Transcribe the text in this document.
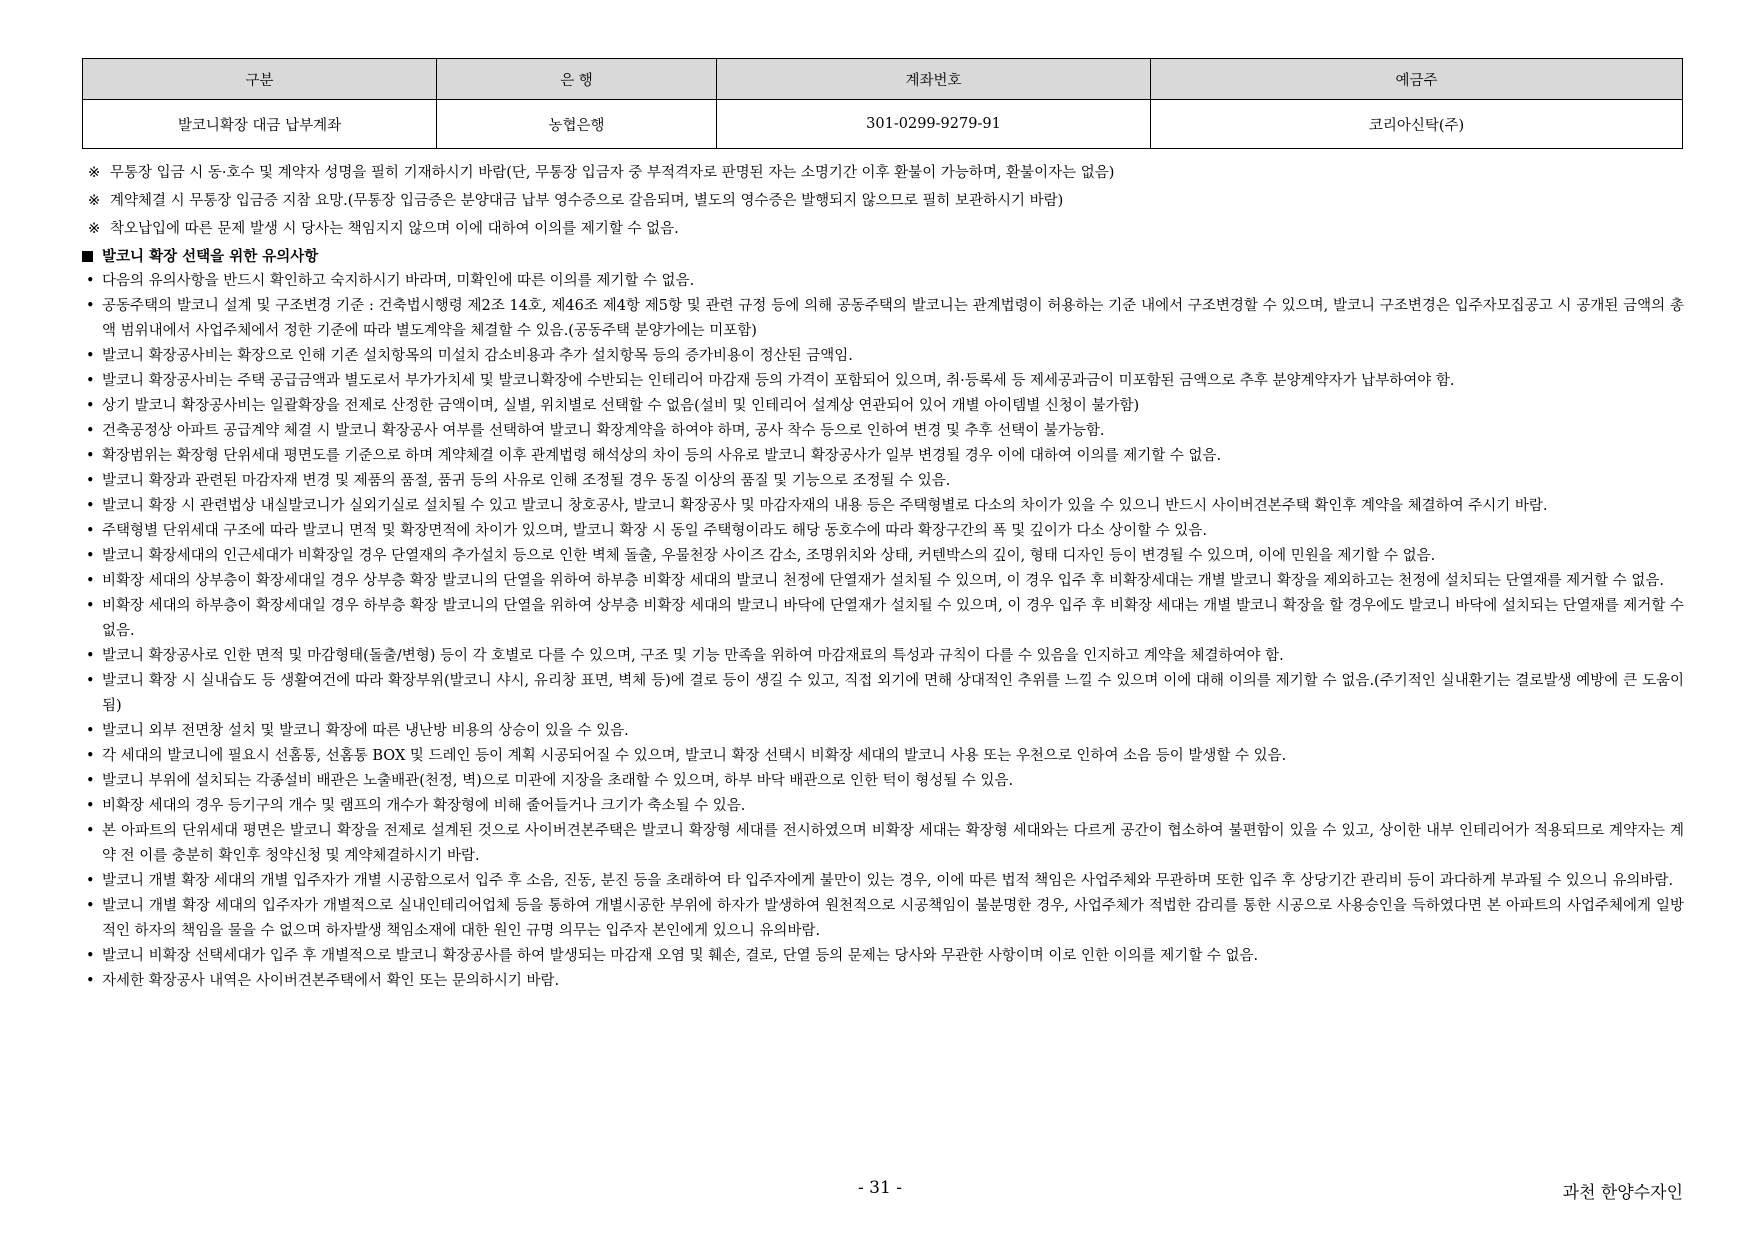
구분	은 행	계좌번호	예금주
발코니확장 대금 납부계좌	농협은행	301-0299-9279-91	코리아신탁(주)
※ 무통장 입금 시 동·호수 및 계약자 성명을 필히 기재하시기 바람(단, 무통장 입금자 중 부적격자로 판명된 자는 소명기간 이후 환불이 가능하며, 환불이자는 없음)
※ 계약체결 시 무통장 입금증 지참 요망.(무통장 입금증은 분양대금 납부 영수증으로 갈음되며, 별도의 영수증은 발행되지 않으므로 필히 보관하시기 바람)
※ 착오납입에 따른 문제 발생 시 당사는 책임지지 않으며 이에 대하여 이의를 제기할 수 없음.
발코니 확장 선택을 위한 유의사항
• 다음의 유의사항을 반드시 확인하고 숙지하시기 바라며, 미확인에 따른 이의를 제기할 수 없음.
• 공동주택의 발코니 설계 및 구조변경 기준 : 건축법시행령 제2조 14호, 제46조 제4항 제5항 및 관련 규정 등에 의해 공동주택의 발코니는 관계법령이 허용하는 기준 내에서 구조변경할 수 있으며, 발코니 구조변경은 입주자모집공고 시 공개된 금액의 총액 범위내에서 사업주체에서 정한 기준에 따라 별도계약을 체결할 수 있음.(공동주택 분양가에는 미포함)
• 발코니 확장공사비는 확장으로 인해 기존 설치항목의 미설치 감소비용과 추가 설치항목 등의 증가비용이 정산된 금액임.
• 발코니 확장공사비는 주택 공급금액과 별도로서 부가가치세 및 발코니확장에 수반되는 인테리어 마감재 등의 가격이 포함되어 있으며, 취·등록세 등 제세공과금이 미포함된 금액으로 추후 분양계약자가 납부하여야 함.
• 상기 발코니 확장공사비는 일괄확장을 전제로 산정한 금액이며, 실별, 위치별로 선택할 수 없음(설비 및 인테리어 설계상 연관되어 있어 개별 아이템별 신청이 불가함)
• 건축공정상 아파트 공급계약 체결 시 발코니 확장공사 여부를 선택하여 발코니 확장계약을 하여야 하며, 공사 착수 등으로 인하여 변경 및 추후 선택이 불가능함.
• 확장범위는 확장형 단위세대 평면도를 기준으로 하며 계약체결 이후 관계법령 해석상의 차이 등의 사유로 발코니 확장공사가 일부 변경될 경우 이에 대하여 이의를 제기할 수 없음.
• 발코니 확장과 관련된 마감자재 변경 및 제품의 품절, 품귀 등의 사유로 인해 조정될 경우 동질 이상의 품질 및 기능으로 조정될 수 있음.
• 발코니 확장 시 관련법상 내실발코니가 실외기실로 설치될 수 있고 발코니 창호공사, 발코니 확장공사 및 마감자재의 내용 등은 주택형별로 다소의 차이가 있을 수 있으니 반드시 사이버견본주택 확인후 계약을 체결하여 주시기 바람.
• 주택형별 단위세대 구조에 따라 발코니 면적 및 확장면적에 차이가 있으며, 발코니 확장 시 동일 주택형이라도 해당 동호수에 따라 확장구간의 폭 및 깊이가 다소 상이할 수 있음.
• 발코니 확장세대의 인근세대가 비확장일 경우 단열재의 추가설치 등으로 인한 벽체 돌출, 우물천장 사이즈 감소, 조명위치와 상태, 커텐박스의 깊이, 형태 디자인 등이 변경될 수 있으며, 이에 민원을 제기할 수 없음.
• 비확장 세대의 상부층이 확장세대일 경우 상부층 확장 발코니의 단열을 위하여 하부층 비확장 세대의 발코니 천정에 단열재가 설치될 수 있으며, 이 경우 입주 후 비확장세대는 개별 발코니 확장을 제외하고는 천정에 설치되는 단열재를 제거할 수 없음.
• 비확장 세대의 하부층이 확장세대일 경우 하부층 확장 발코니의 단열을 위하여 상부층 비확장 세대의 발코니 바닥에 단열재가 설치될 수 있으며, 이 경우 입주 후 비확장 세대는 개별 발코니 확장을 할 경우에도 발코니 바닥에 설치되는 단열재를 제거할 수 없음.
• 발코니 확장공사로 인한 면적 및 마감형태(돌출/변형) 등이 각 호별로 다를 수 있으며, 구조 및 기능 만족을 위하여 마감재료의 특성과 규칙이 다를 수 있음을 인지하고 계약을 체결하여야 함.
• 발코니 확장 시 실내습도 등 생활여건에 따라 확장부위(발코니 샤시, 유리창 표면, 벽체 등)에 결로 등이 생길 수 있고, 직접 외기에 면해 상대적인 추위를 느낄 수 있으며 이에 대해 이의를 제기할 수 없음.(주기적인 실내환기는 결로발생 예방에 큰 도움이 됨)
• 발코니 외부 전면창 설치 및 발코니 확장에 따른 냉난방 비용의 상승이 있을 수 있음.
• 각 세대의 발코니에 필요시 선홈통, 선홈통 BOX 및 드레인 등이 계획 시공되어질 수 있으며, 발코니 확장 선택시 비확장 세대의 발코니 사용 또는 우천으로 인하여 소음 등이 발생할 수 있음.
• 발코니 부위에 설치되는 각종설비 배관은 노출배관(천정, 벽)으로 미관에 지장을 초래할 수 있으며, 하부 바닥 배관으로 인한 턱이 형성될 수 있음.
• 비확장 세대의 경우 등기구의 개수 및 램프의 개수가 확장형에 비해 줄어들거나 크기가 축소될 수 있음.
• 본 아파트의 단위세대 평면은 발코니 확장을 전제로 설계된 것으로 사이버견본주택은 발코니 확장형 세대를 전시하였으며 비확장 세대는 확장형 세대와는 다르게 공간이 협소하여 불편함이 있을 수 있고, 상이한 내부 인테리어가 적용되므로 계약자는 계약 전 이를 충분히 확인후 청약신청 및 계약체결하시기 바람.
• 발코니 개별 확장 세대의 개별 입주자가 개별 시공함으로서 입주 후 소음, 진동, 분진 등을 초래하여 타 입주자에게 불만이 있는 경우, 이에 따른 법적 책임은 사업주체와 무관하며 또한 입주 후 상당기간 관리비 등이 과다하게 부과될 수 있으니 유의바람.
• 발코니 개별 확장 세대의 입주자가 개별적으로 실내인테리어업체 등을 통하여 개별시공한 부위에 하자가 발생하여 원천적으로 시공책임이 불분명한 경우, 사업주체가 적법한 감리를 통한 시공으로 사용승인을 득하였다면 본 아파트의 사업주체에게 일방적인 하자의 책임을 물을 수 없으며 하자발생 책임소재에 대한 원인 규명 의무는 입주자 본인에게 있으니 유의바람.
• 발코니 비확장 선택세대가 입주 후 개별적으로 발코니 확장공사를 하여 발생되는 마감재 오염 및 훼손, 결로, 단열 등의 문제는 당사와 무관한 사항이며 이로 인한 이의를 제기할 수 없음.
• 자세한 확장공사 내역은 사이버견본주택에서 확인 또는 문의하시기 바람.
- 31 -	과천 한양수자인
